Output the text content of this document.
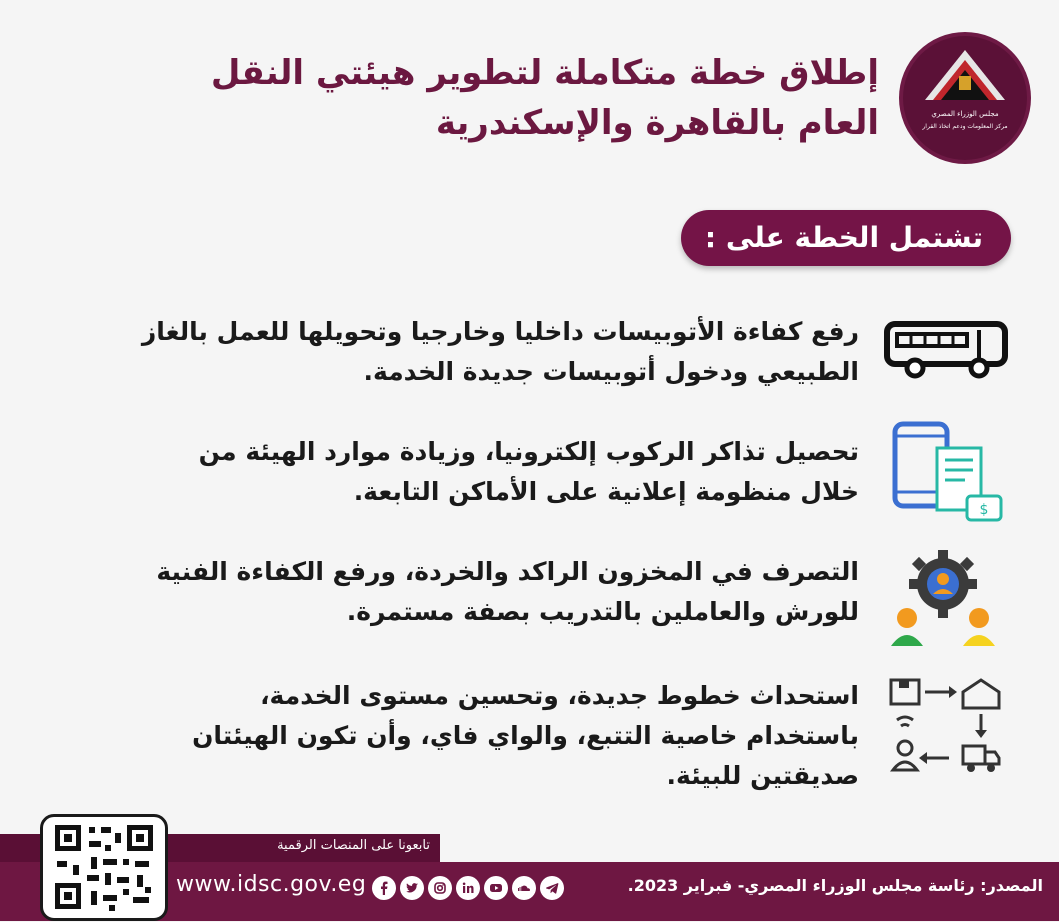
إطلاق خطة متكاملة لتطوير هيئتي النقل العام بالقاهرة والإسكندرية	مجلس الوزراء المصري
مركز المعلومات ودعم اتخاذ القرار
تشتمل الخطة على :
رفع كفاءة الأتوبيسات داخليا وخارجيا وتحويلها للعمل بالغاز الطبيعي ودخول أتوبيسات جديدة الخدمة.
تحصيل تذاكر الركوب إلكترونيا، وزيادة موارد الهيئة من خلال منظومة إعلانية على الأماكن التابعة.
$
التصرف في المخزون الراكد والخردة، ورفع الكفاءة الفنية للورش والعاملين بالتدريب بصفة مستمرة.
استحداث خطوط جديدة، وتحسين مستوى الخدمة، باستخدام خاصية التتبع، والواي فاي، وأن تكون الهيئتان صديقتين للبيئة.
تابعونا على المنصات الرقمية
www.idsc.gov.eg	المصدر: رئاسة مجلس الوزراء المصري- فبراير 2023.
